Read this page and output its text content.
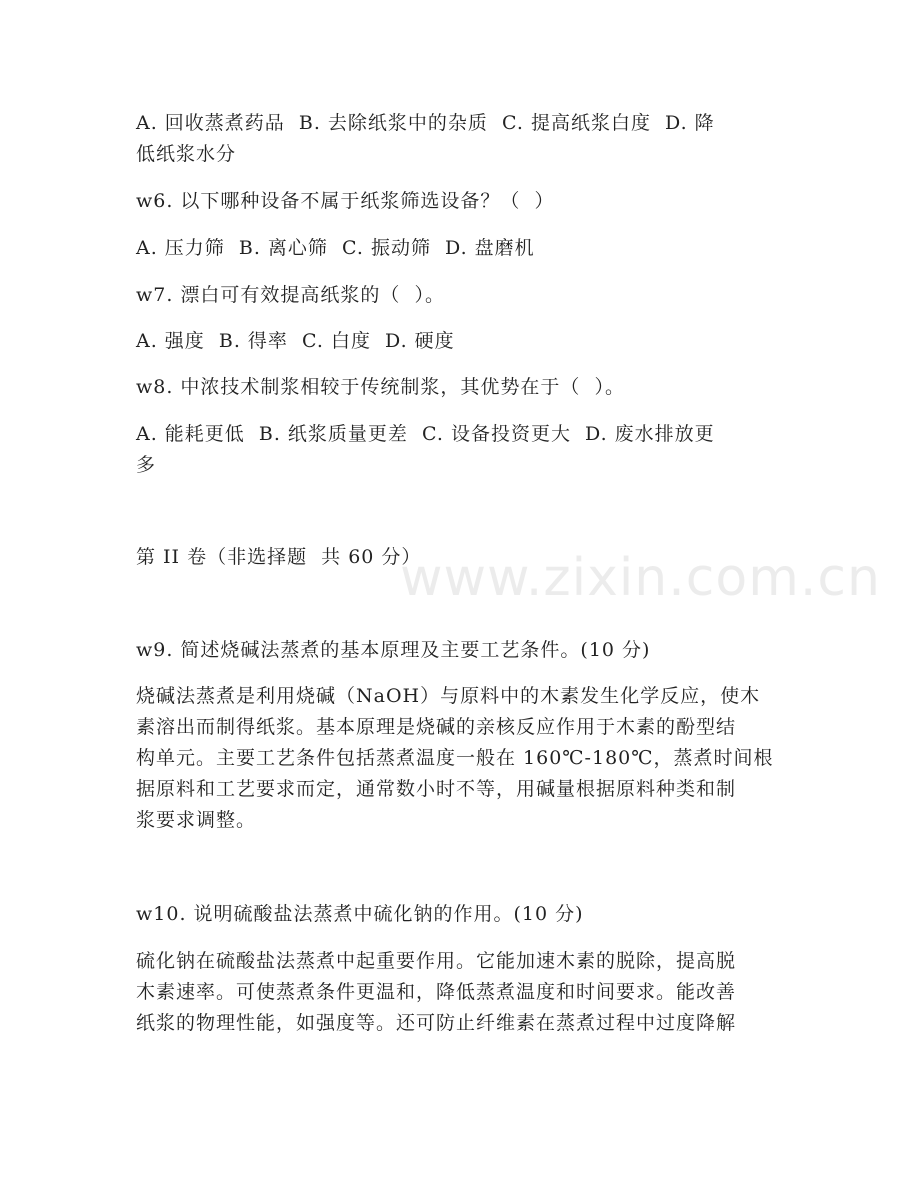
www.zixin.com.cn
A. 回收蒸煮药品  B. 去除纸浆中的杂质  C. 提高纸浆白度  D. 降
低纸浆水分
w6. 以下哪种设备不属于纸浆筛选设备？（  ）
A. 压力筛  B. 离心筛  C. 振动筛  D. 盘磨机
w7. 漂白可有效提高纸浆的（  ）。
A. 强度  B. 得率  C. 白度  D. 硬度
w8. 中浓技术制浆相较于传统制浆，其优势在于（  ）。
A. 能耗更低  B. 纸浆质量更差  C. 设备投资更大  D. 废水排放更
多
第 II 卷（非选择题  共 60 分）
w9. 简述烧碱法蒸煮的基本原理及主要工艺条件。(10 分)
烧碱法蒸煮是利用烧碱（NaOH）与原料中的木素发生化学反应，使木
素溶出而制得纸浆。基本原理是烧碱的亲核反应作用于木素的酚型结
构单元。主要工艺条件包括蒸煮温度一般在 160℃-180℃，蒸煮时间根
据原料和工艺要求而定，通常数小时不等，用碱量根据原料种类和制
浆要求调整。
w10. 说明硫酸盐法蒸煮中硫化钠的作用。(10 分)
硫化钠在硫酸盐法蒸煮中起重要作用。它能加速木素的脱除，提高脱
木素速率。可使蒸煮条件更温和，降低蒸煮温度和时间要求。能改善
纸浆的物理性能，如强度等。还可防止纤维素在蒸煮过程中过度降解
